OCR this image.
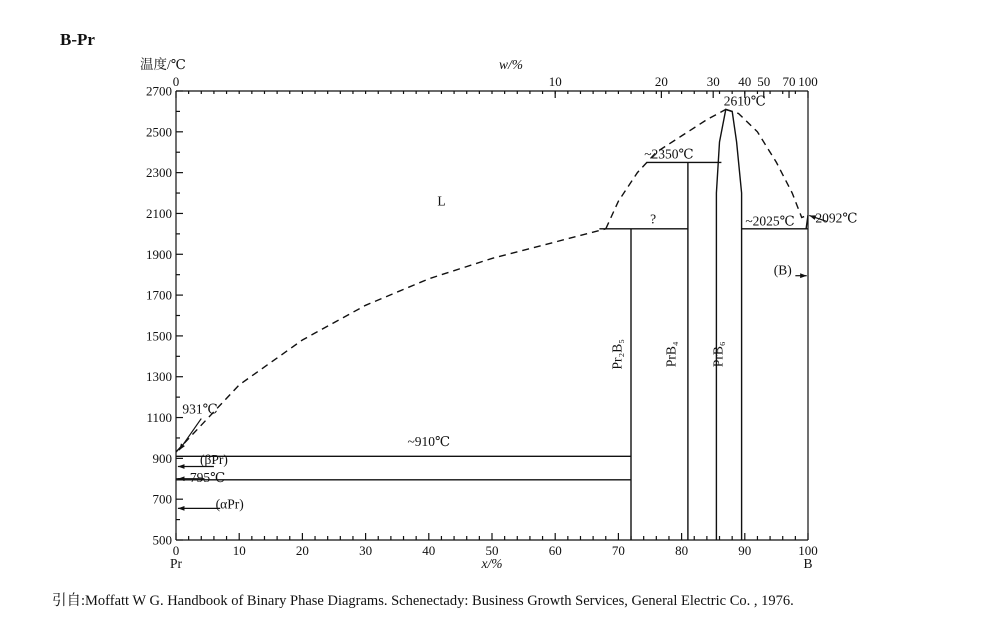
B-Pr
0	10	20	30	40	50	60	70	80	90	100
500
700
900
1100
1300
1500
1700
1900
2100
2300
2500
2700
0	10	20	30 40 50 70 100
温度/℃	w/%
x/%
Pr	B
L
?
(B)
(βPr)
(αPr)
2610℃
~2350℃
~2025℃ 2092℃
931℃
~910℃
795℃
Pr₂B₅	PrB₄ PrB₆
引自:Moffatt W G. Handbook of Binary Phase Diagrams. Schenectady: Business Growth Services, General Electric Co. , 1976.
